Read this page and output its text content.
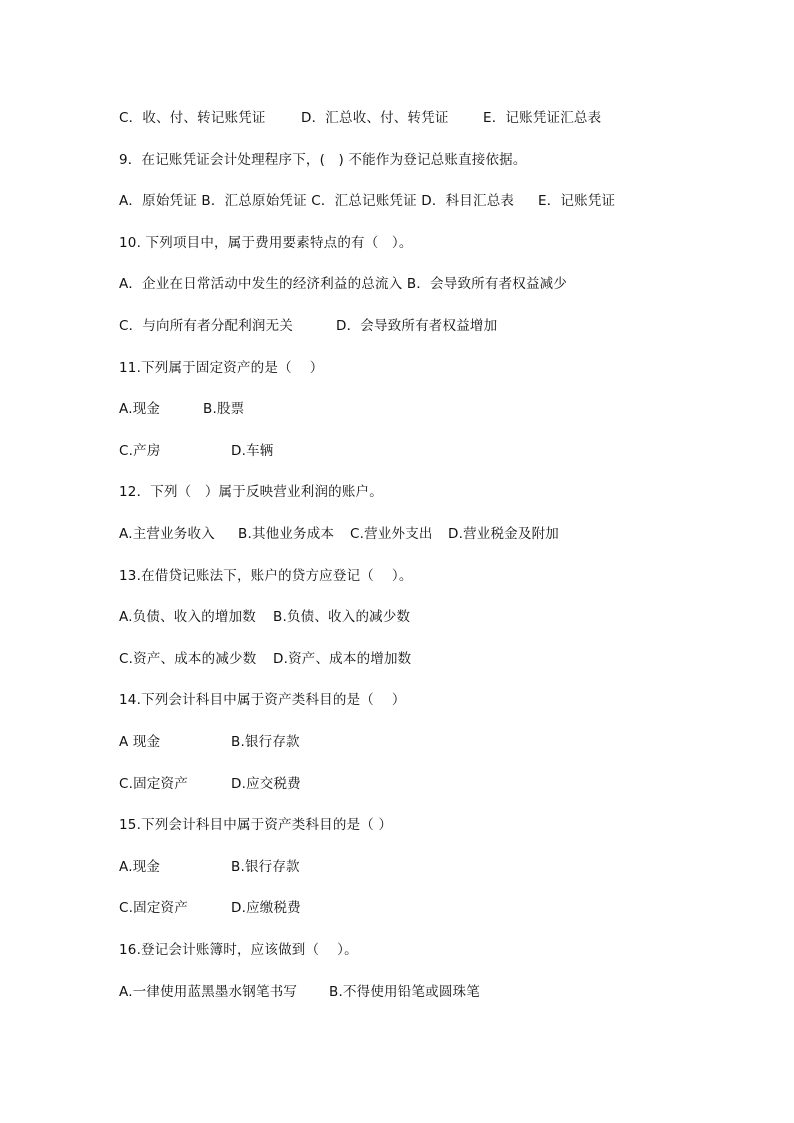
C．收、付、转记账凭证

	D．汇总收、付、转凭证

	E．记账凭证汇总表

9．在记账凭证会计处理程序下，(   ) 不能作为登记总账直接依据。

A．原始凭证 B．汇总原始凭证 C．汇总记账凭证 D．科目汇总表

E．记账凭证

10. 下列项目中，属于费用要素特点的有（   ）。

A．企业在日常活动中发生的经济利益的总流入 B．会导致所有者权益减少

C．与向所有者分配利润无关

	D．会导致所有者权益增加

11.下列属于固定资产的是（    ）

A.现金

	B.股票

C.产房

	D.车辆

12．下列（   ）属于反映营业利润的账户。

A.主营业务收入

B.其他业务成本

C.营业外支出

D.营业税金及附加

13.在借贷记账法下，账户的贷方应登记（    ）。

A.负债、收入的增加数

B.负债、收入的减少数

C.资产、成本的减少数

D.资产、成本的增加数

14.下列会计科目中属于资产类科目的是（    ）

A 现金

	B.银行存款

C.固定资产

	D.应交税费

15.下列会计科目中属于资产类科目的是（ ）

A.现金

	B.银行存款

C.固定资产

	D.应缴税费

16.登记会计账簿时，应该做到（    ）。

A.一律使用蓝黑墨水钢笔书写

B.不得使用铅笔或圆珠笔
